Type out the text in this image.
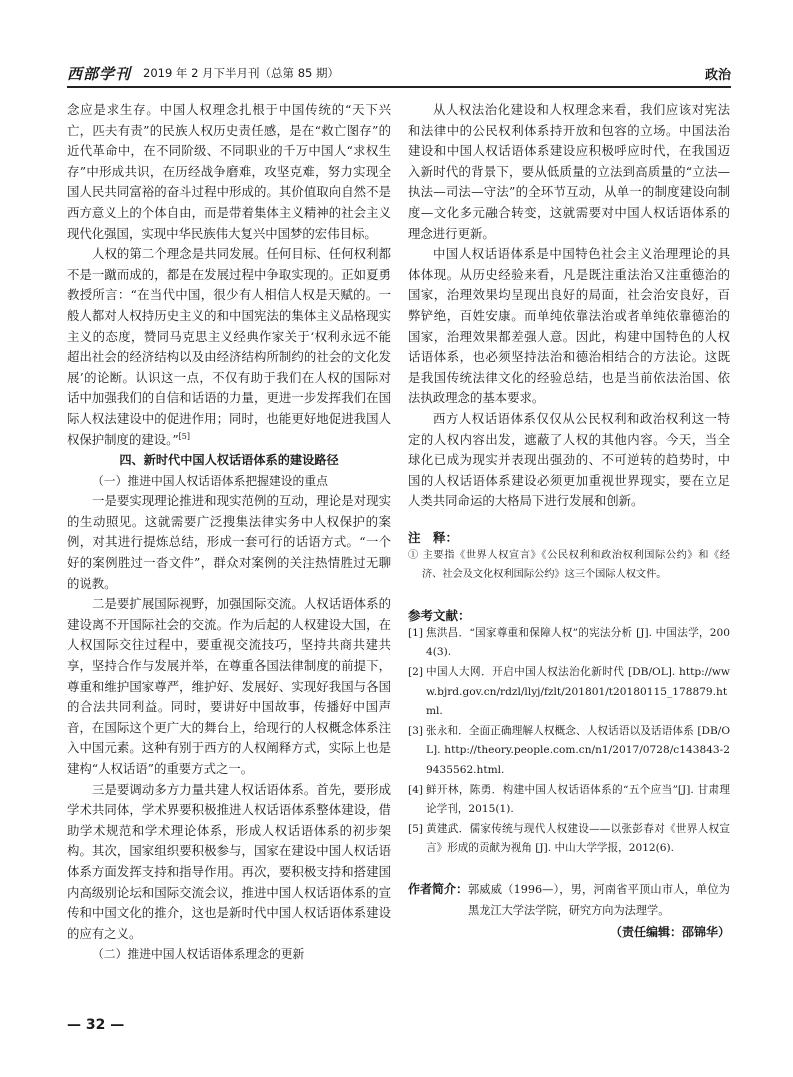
西部学刊 2019 年 2 月下半月刊（总第 85 期）	政治

念应是求生存。中国人权理念扎根于中国传统的“天下兴亡，匹夫有责”的民族人权历史责任感，是在“救亡图存”的近代革命中，在不同阶级、不同职业的千万中国人“求权生存”中形成共识，在历经战争磨难，攻坚克难，努力实现全国人民共同富裕的奋斗过程中形成的。其价值取向自然不是西方意义上的个体自由，而是带着集体主义精神的社会主义现代化强国，实现中华民族伟大复兴中国梦的宏伟目标。

人权的第二个理念是共同发展。任何目标、任何权利都不是一蹴而成的，都是在发展过程中争取实现的。正如夏勇教授所言：“在当代中国，很少有人相信人权是天赋的。一般人都对人权持历史主义的和中国宪法的集体主义品格现实主义的态度，赞同马克思主义经典作家关于‘权利永远不能超出社会的经济结构以及由经济结构所制约的社会的文化发展’的论断。认识这一点，不仅有助于我们在人权的国际对话中加强我们的自信和话语的力量，更进一步发挥我们在国际人权法建设中的促进作用；同时，也能更好地促进我国人权保护制度的建设。”[5]

四、新时代中国人权话语体系的建设路径

（一）推进中国人权话语体系把握建设的重点

一是要实现理论推进和现实范例的互动，理论是对现实的生动照见。这就需要广泛搜集法律实务中人权保护的案例，对其进行提炼总结，形成一套可行的话语方式。“一个好的案例胜过一沓文件”，群众对案例的关注热情胜过无聊的说教。

二是要扩展国际视野，加强国际交流。人权话语体系的建设离不开国际社会的交流。作为后起的人权建设大国，在人权国际交往过程中，要重视交流技巧，坚持共商共建共享，坚持合作与发展并举，在尊重各国法律制度的前提下，尊重和维护国家尊严，维护好、发展好、实现好我国与各国的合法共同利益。同时，要讲好中国故事，传播好中国声音，在国际这个更广大的舞台上，给现行的人权概念体系注入中国元素。这种有别于西方的人权阐释方式，实际上也是建构“人权话语”的重要方式之一。

三是要调动多方力量共建人权话语体系。首先，要形成学术共同体，学术界要积极推进人权话语体系整体建设，借助学术规范和学术理论体系，形成人权话语体系的初步架构。其次，国家组织要积极参与，国家在建设中国人权话语体系方面发挥支持和指导作用。再次，要积极支持和搭建国内高级别论坛和国际交流会议，推进中国人权话语体系的宣传和中国文化的推介，这也是新时代中国人权话语体系建设的应有之义。

（二）推进中国人权话语体系理念的更新

从人权法治化建设和人权理念来看，我们应该对宪法和法律中的公民权利体系持开放和包容的立场。中国法治建设和中国人权话语体系建设应积极呼应时代，在我国迈入新时代的背景下，要从低质量的立法到高质量的“立法—执法—司法—守法”的全环节互动，从单一的制度建设向制度—文化多元融合转变，这就需要对中国人权话语体系的理念进行更新。

中国人权话语体系是中国特色社会主义治理理论的具体体现。从历史经验来看，凡是既注重法治又注重德治的国家，治理效果均呈现出良好的局面，社会治安良好，百弊铲绝，百姓安康。而单纯依靠法治或者单纯依靠德治的国家，治理效果都差强人意。因此，构建中国特色的人权话语体系，也必须坚持法治和德治相结合的方法论。这既是我国传统法律文化的经验总结，也是当前依法治国、依法执政理念的基本要求。

西方人权话语体系仅仅从公民权利和政治权利这一特定的人权内容出发，遮蔽了人权的其他内容。今天，当全球化已成为现实并表现出强劲的、不可逆转的趋势时，中国的人权话语体系建设必须更加重视世界现实，要在立足人类共同命运的大格局下进行发展和创新。

注　释：

① 主要指《世界人权宣言》《公民权利和政治权利国际公约》和《经济、社会及文化权利国际公约》这三个国际人权文件。

参考文献：

[1] 焦洪昌．“国家尊重和保障人权”的宪法分析 [J]. 中国法学，2004(3).
[2] 中国人大网．开启中国人权法治化新时代 [DB/OL]. http://www.bjrd.gov.cn/rdzl/llyj/fzlt/201801/t20180115_178879.html.
[3] 张永和．全面正确理解人权概念、人权话语以及话语体系 [DB/OL]. http://theory.people.com.cn/n1/2017/0728/c143843-29435562.html.
[4] 鲜开林，陈勇．构建中国人权话语体系的“五个应当”[J]. 甘肃理论学刊，2015(1).
[5] 黄建武．儒家传统与现代人权建设——以张彭春对《世界人权宣言》形成的贡献为视角 [J]. 中山大学学报，2012(6).
作者简介： 郭威威（1996—），男，河南省平顶山市人，单位为黑龙江大学法学院，研究方向为法理学。

（责任编辑：邵锦华）

— 32 —
